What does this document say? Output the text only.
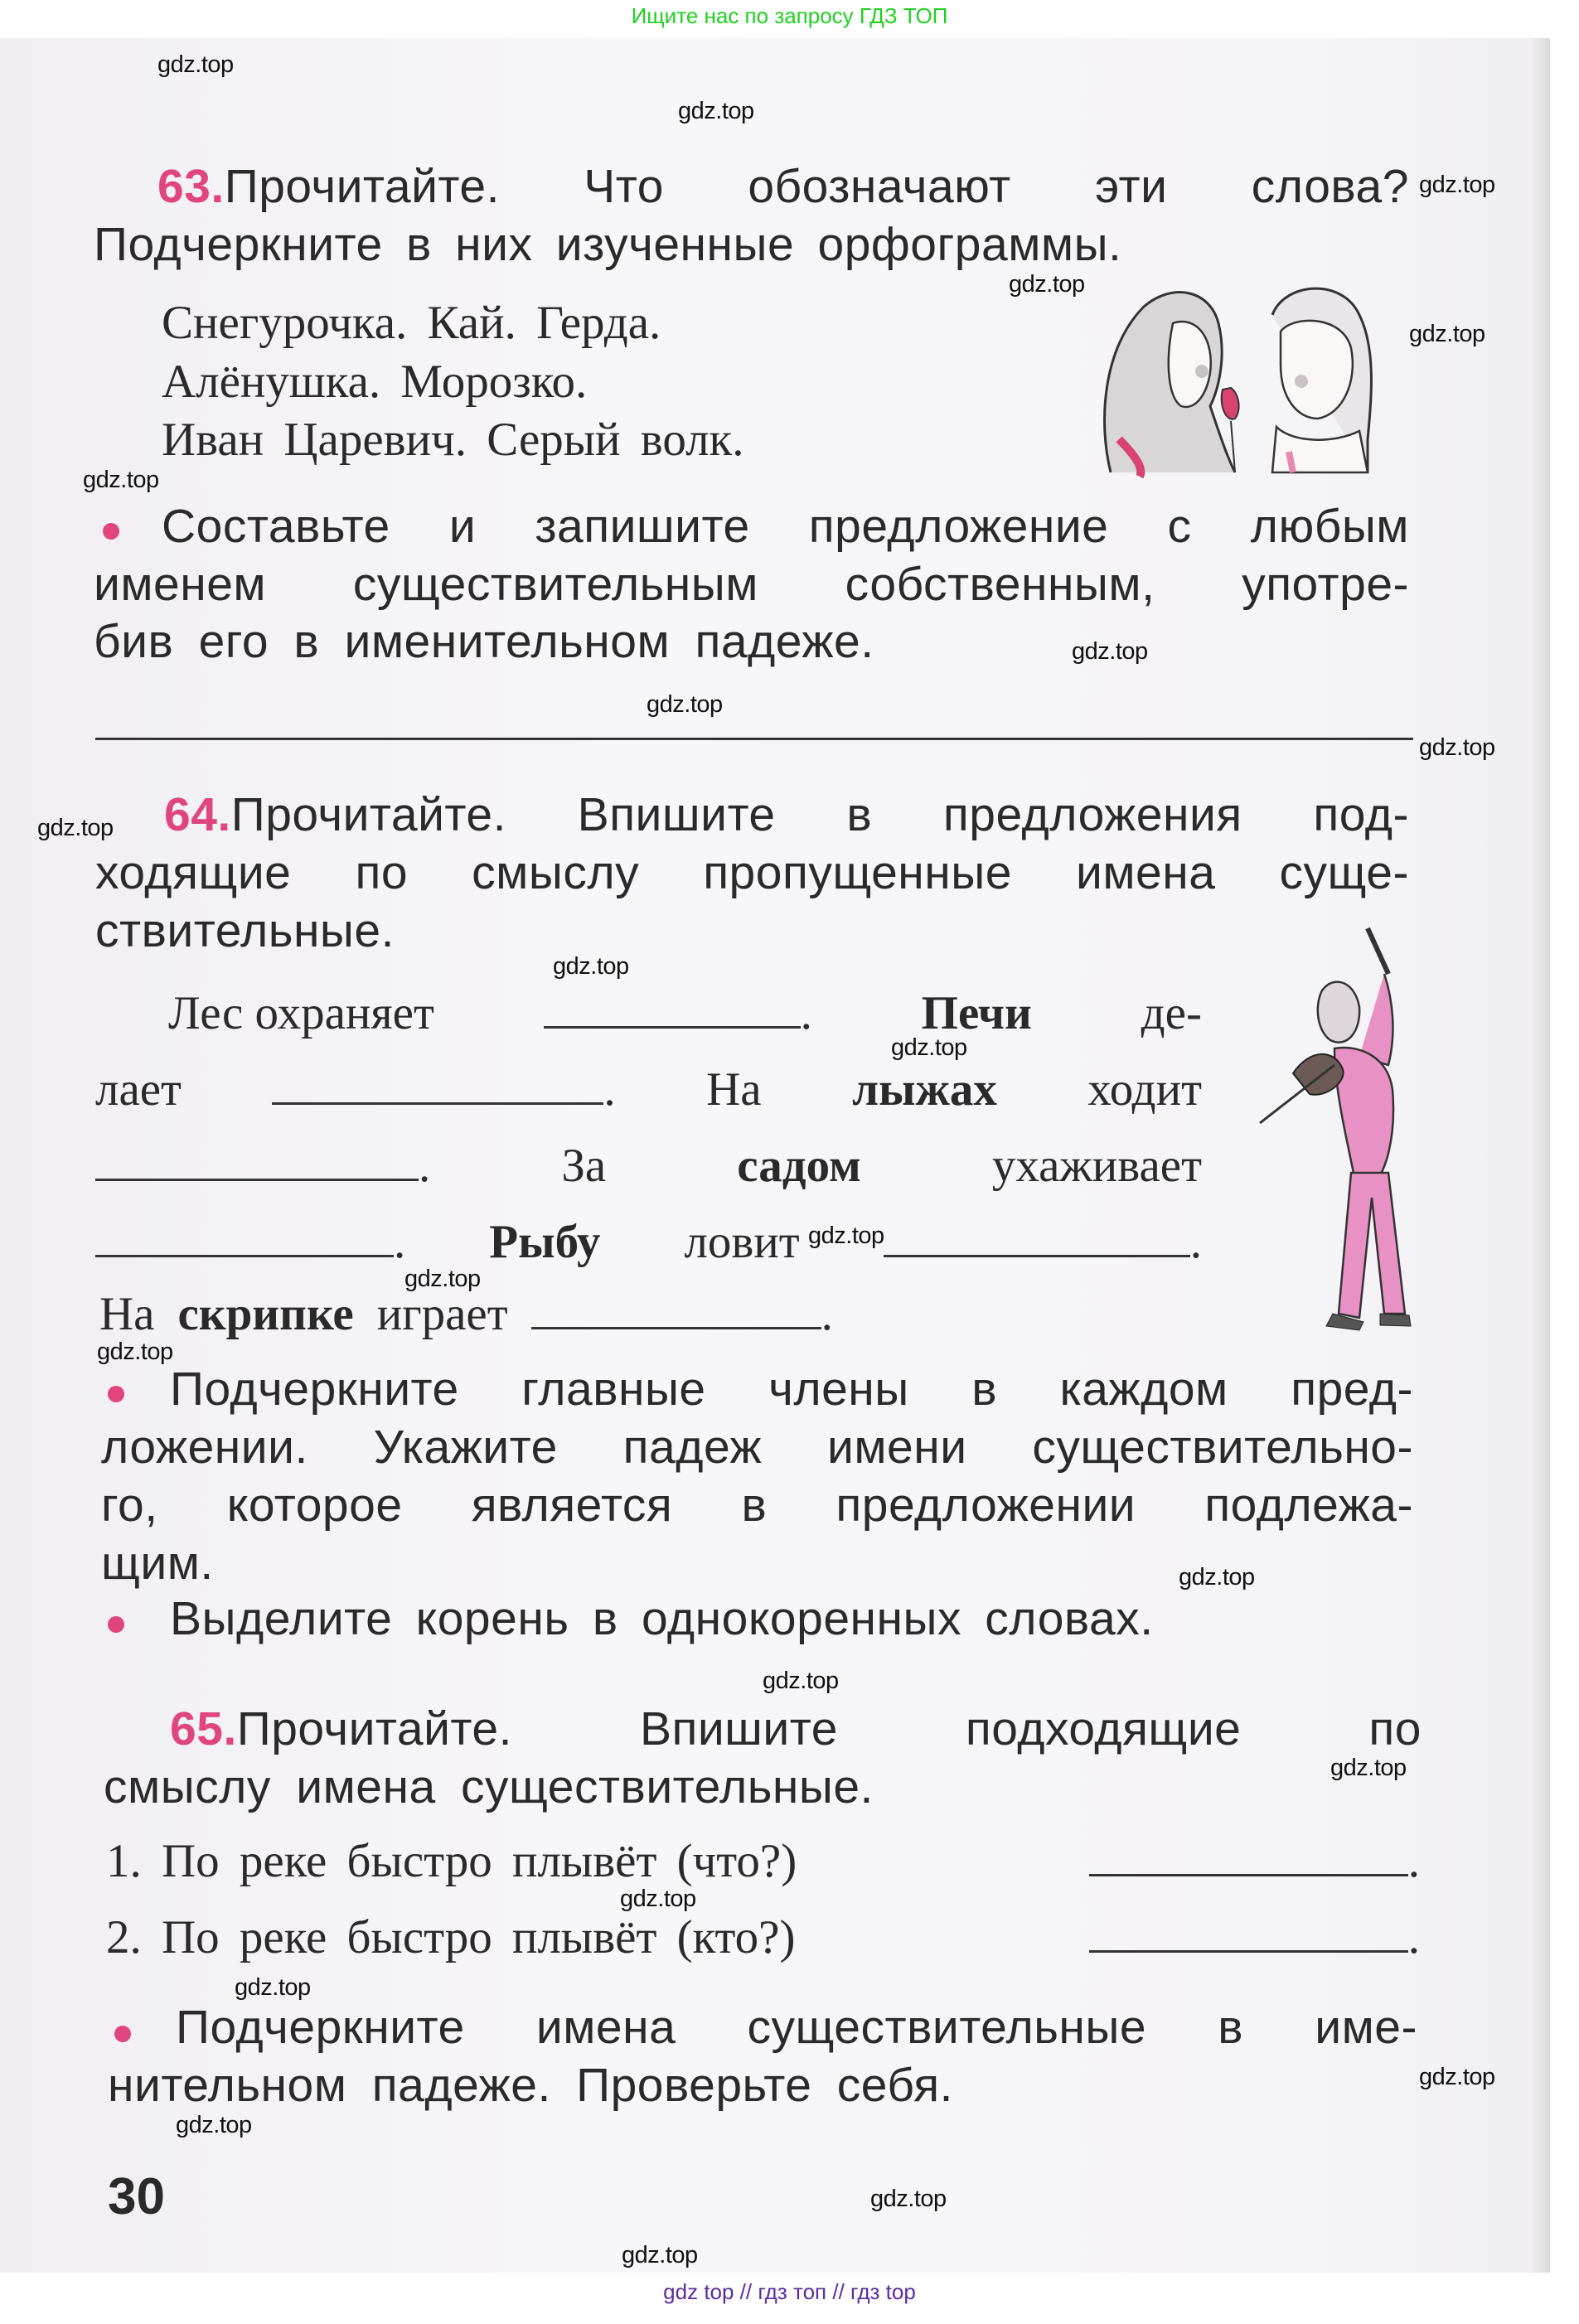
Ищите нас по запросу ГДЗ ТОП
63.Прочитайте. Что обозначают эти слова?
Подчеркните в них изученные орфограммы.
Снегурочка. Кай. Герда.
Алёнушка. Морозко.
Иван Царевич. Серый волк.
Составьте и запишите предложение с любым
именем существительным собственным, употре-
бив его в именительном падеже.
64.Прочитайте. Впишите в предложения под-
ходящие по смыслу пропущенные имена суще-
ствительные.
Лес охраняет	. Печи де-
лает	. На лыжах ходит
.	За	садом	ухаживает
. Рыбу ловит	.
На скрипке играет	.
Подчеркните главные члены в каждом пред-
ложении. Укажите падеж имени существительно-
го, которое является в предложении подлежа-
щим.
Выделите корень в однокоренных словах.
65.Прочитайте.	Впишите	подходящие	по
смыслу имена существительные.
1. По реке быстро плывёт (что?)	.
2. По реке быстро плывёт (кто?)	.
Подчеркните имена существительные в име-
нительном падеже. Проверьте себя.
30
gdz.top
gdz.top
gdz.top
gdz.top
gdz.top
gdz.top
gdz.top
gdz.top
gdz.top
gdz.top
gdz.top
gdz.top
gdz.top
gdz.top
gdz.top
gdz.top
gdz.top
gdz.top
gdz.top
gdz.top
gdz.top
gdz.top
gdz.top
gdz.top
gdz top // гдз топ // гдз top
